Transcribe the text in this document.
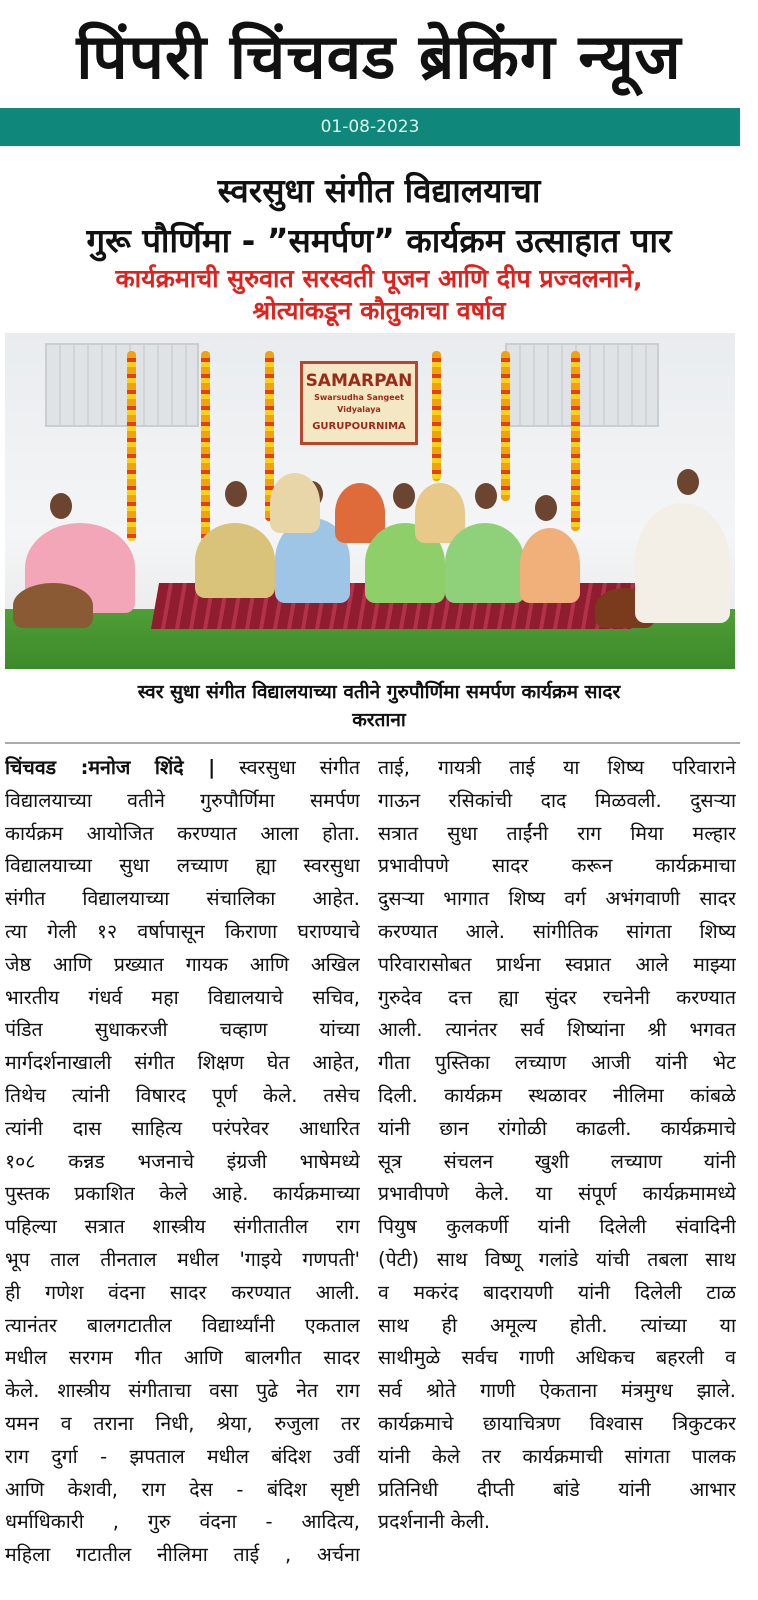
पिंपरी चिंचवड ब्रेकिंग न्यूज
01-08-2023
स्वरसुधा संगीत विद्यालयाचा
गुरू पौर्णिमा - ”समर्पण” कार्यक्रम उत्साहात पार
कार्यक्रमाची सुरुवात सरस्वती पूजन आणि दीप प्रज्वलनाने,
श्रोत्यांकडून कौतुकाचा वर्षाव
SAMARPAN
Swarsudha Sangeet Vidyalaya
GURUPOURNIMA
स्वर सुधा संगीत विद्यालयाच्या वतीने गुरुपौर्णिमा समर्पण कार्यक्रम सादर
करताना
चिंचवड :मनोज शिंदे | स्वरसुधा संगीत
विद्यालयाच्या वतीने गुरुपौर्णिमा समर्पण
कार्यक्रम आयोजित करण्यात आला होता.
विद्यालयाच्या सुधा लच्याण ह्या स्वरसुधा
संगीत विद्यालयाच्या संचालिका आहेत.
त्या गेली १२ वर्षापासून किराणा घराण्याचे
जेष्ठ आणि प्रख्यात गायक आणि अखिल
भारतीय गंधर्व महा विद्यालयाचे सचिव,
पंडित सुधाकरजी चव्हाण यांच्या
मार्गदर्शनाखाली संगीत शिक्षण घेत आहेत,
तिथेच त्यांनी विषारद पूर्ण केले. तसेच
त्यांनी दास साहित्य परंपरेवर आधारित
१०८ कन्नड भजनाचे इंग्रजी भाषेमध्ये
पुस्तक प्रकाशित केले आहे. कार्यक्रमाच्या
पहिल्या सत्रात शास्त्रीय संगीतातील राग
भूप ताल तीनताल मधील 'गाइये गणपती'
ही गणेश वंदना सादर करण्यात आली.
त्यानंतर बालगटातील विद्यार्थ्यांनी एकताल
मधील सरगम गीत आणि बालगीत सादर
केले. शास्त्रीय संगीताचा वसा पुढे नेत राग
यमन व तराना निधी, श्रेया, रुजुला तर
राग दुर्गा - झपताल मधील बंदिश उर्वी
आणि केशवी, राग देस - बंदिश सृष्टी
धर्माधिकारी , गुरु वंदना - आदित्य,
महिला गटातील नीलिमा ताई , अर्चना
ताई, गायत्री ताई या शिष्य परिवाराने
गाऊन रसिकांची दाद मिळवली. दुसऱ्या
सत्रात सुधा ताईंनी राग मिया मल्हार
प्रभावीपणे सादर करून कार्यक्रमाचा
दुसऱ्या भागात शिष्य वर्ग अभंगवाणी सादर
करण्यात आले. सांगीतिक सांगता शिष्य
परिवारासोबत प्रार्थना स्वप्नात आले माझ्या
गुरुदेव दत्त ह्या सुंदर रचनेनी करण्यात
आली. त्यानंतर सर्व शिष्यांना श्री भगवत
गीता पुस्तिका लच्याण आजी यांनी भेट
दिली. कार्यक्रम स्थळावर नीलिमा कांबळे
यांनी छान रांगोळी काढली. कार्यक्रमाचे
सूत्र संचलन खुशी लच्याण यांनी
प्रभावीपणे केले. या संपूर्ण कार्यक्रमामध्ये
पियुष कुलकर्णी यांनी दिलेली संवादिनी
(पेटी) साथ विष्णू गलांडे यांची तबला साथ
व मकरंद बादरायणी यांनी दिलेली टाळ
साथ ही अमूल्य होती. त्यांच्या या
साथीमुळे सर्वच गाणी अधिकच बहरली व
सर्व श्रोते गाणी ऐकताना मंत्रमुग्ध झाले.
कार्यक्रमाचे छायाचित्रण विश्वास त्रिकुटकर
यांनी केले तर कार्यक्रमाची सांगता पालक
प्रतिनिधी दीप्ती बांडे यांनी आभार
प्रदर्शनानी केली.
